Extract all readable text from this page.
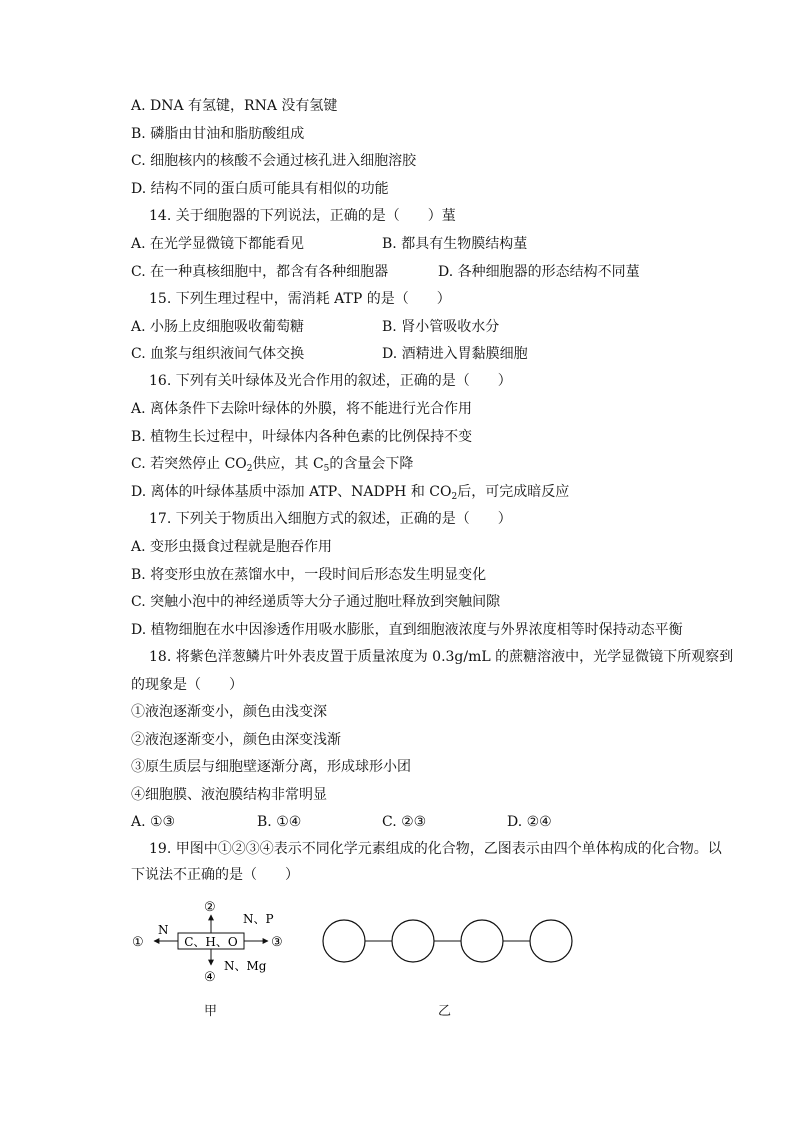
A. DNA 有氢键，RNA 没有氢键
B. 磷脂由甘油和脂肪酸组成
C. 细胞核内的核酸不会通过核孔进入细胞溶胶
D. 结构不同的蛋白质可能具有相似的功能
14. 关于细胞器的下列说法，正确的是（　　）蓳
A. 在光学显微镜下都能看见	B. 都具有生物膜结构蓳
C. 在一种真核细胞中，都含有各种细胞器	D. 各种细胞器的形态结构不同蓳
15. 下列生理过程中，需消耗 ATP 的是（　　）
A. 小肠上皮细胞吸收葡萄糖	B. 肾小管吸收水分
C. 血浆与组织液间气体交换	D. 酒精进入胃黏膜细胞
16. 下列有关叶绿体及光合作用的叙述，正确的是（　　）
A. 离体条件下去除叶绿体的外膜，将不能进行光合作用
B. 植物生长过程中，叶绿体内各种色素的比例保持不变
C. 若突然停止 $CO_2$供应，其 $C_5$的含量会下降
D. 离体的叶绿体基质中添加 ATP、NADPH 和 $CO_2$后，可完成暗反应
17. 下列关于物质出入细胞方式的叙述，正确的是（　　）
A. 变形虫摄食过程就是胞吞作用
B. 将变形虫放在蒸馏水中，一段时间后形态发生明显变化
C. 突触小泡中的神经递质等大分子通过胞吐释放到突触间隙
D. 植物细胞在水中因渗透作用吸水膨胀，直到细胞液浓度与外界浓度相等时保持动态平衡
18. 将紫色洋葱鳞片叶外表皮置于质量浓度为 0.3g/mL 的蔗糖溶液中，光学显微镜下所观察到
的现象是（　　）
①液泡逐渐变小，颜色由浅变深
②液泡逐渐变小，颜色由深变浅渐
③原生质层与细胞壁逐渐分离，形成球形小团
④细胞膜、液泡膜结构非常明显
A. ①③	B. ①④	C. ②③	D. ②④
19. 甲图中①②③④表示不同化学元素组成的化合物，乙图表示由四个单体构成的化合物。以
下说法不正确的是（　　）
C、H、O
①
N
②
③
N、P
④
N、Mg
甲	乙
